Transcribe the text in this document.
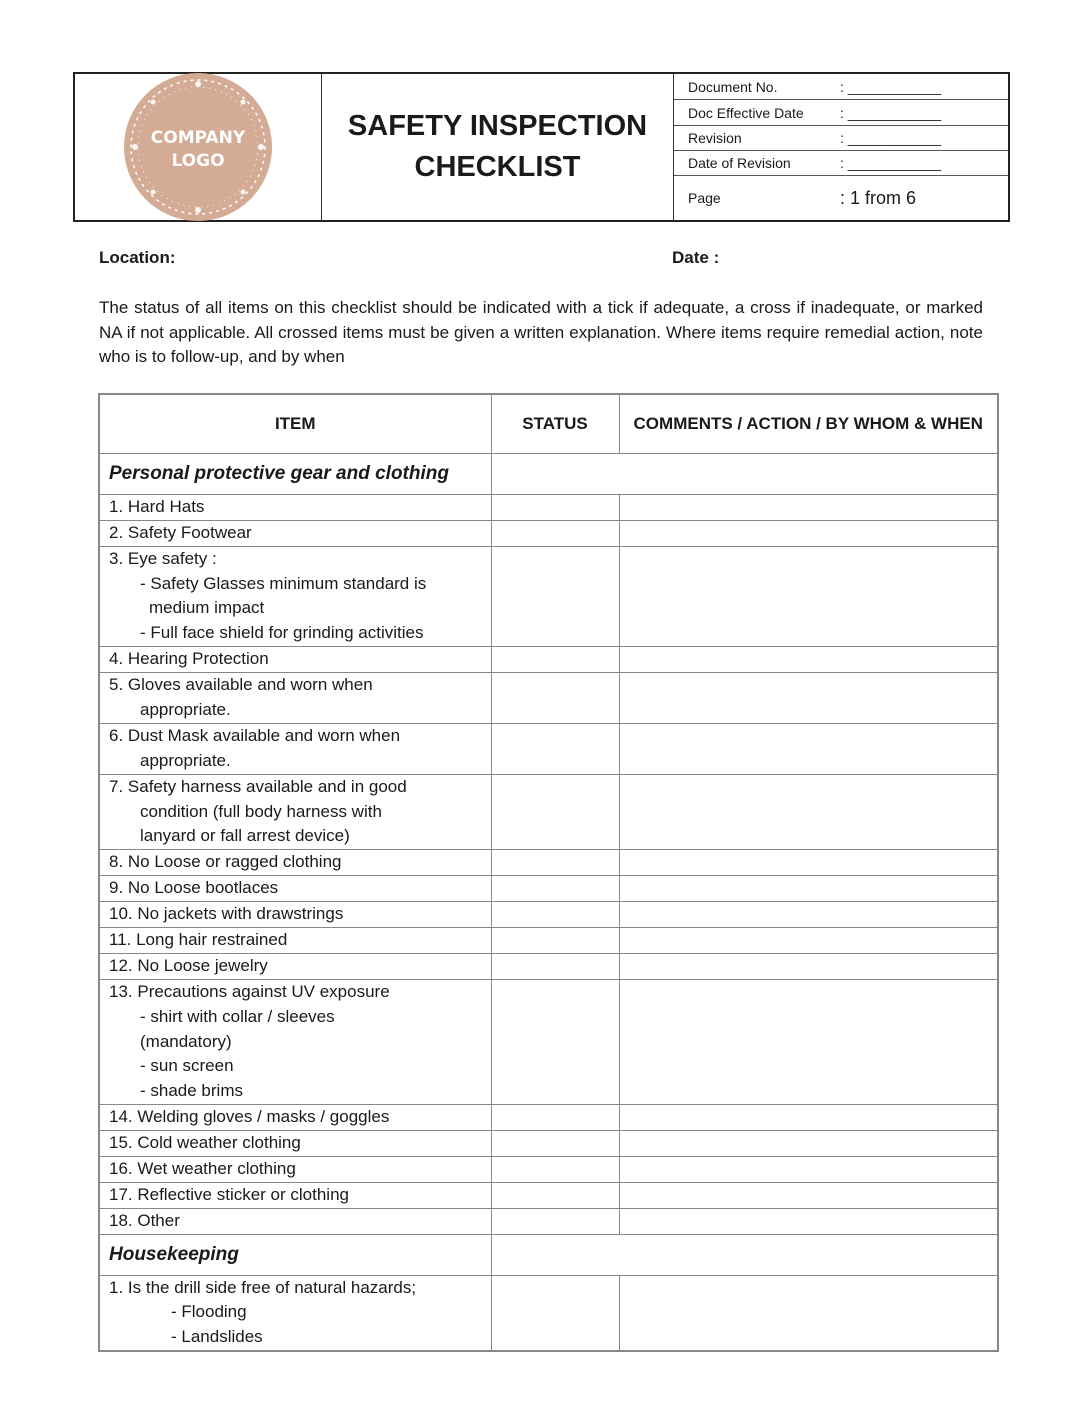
COMPANY
LOGO
SAFETY INSPECTION
CHECKLIST
Document No.	: ____________
Doc Effective Date	: ____________
Revision	: ____________
Date of Revision	: ____________
Page	: 1 from 6
Location:	Date :
The status of all items on this checklist should be indicated with a tick if adequate, a cross if inadequate, or marked NA if not applicable. All crossed items must be given a written explanation. Where items require remedial action, note who is to follow-up, and by when
ITEM	STATUS	COMMENTS / ACTION / BY WHOM & WHEN
Personal protective gear and clothing		

1. Hard Hats		

2. Safety Footwear		

3. Eye safety :
- Safety Glasses minimum standard is
medium impact
- Full face shield for grinding activities		

4. Hearing Protection		

5. Gloves available and worn when
appropriate.		

6. Dust Mask available and worn when
appropriate.		

7. Safety harness available and in good
condition (full body harness with
lanyard or fall arrest device)		

8. No Loose or ragged clothing		

9. No Loose bootlaces		

10. No jackets with drawstrings		

11. Long hair restrained		

12. No Loose jewelry		

13. Precautions against UV exposure
- shirt with collar / sleeves
(mandatory)
- sun screen
- shade brims		

14. Welding gloves / masks / goggles		

15. Cold weather clothing		

16. Wet weather clothing		

17. Reflective sticker or clothing		

18. Other		

Housekeeping		

1. Is the drill side free of natural hazards;
- Flooding
- Landslides		
